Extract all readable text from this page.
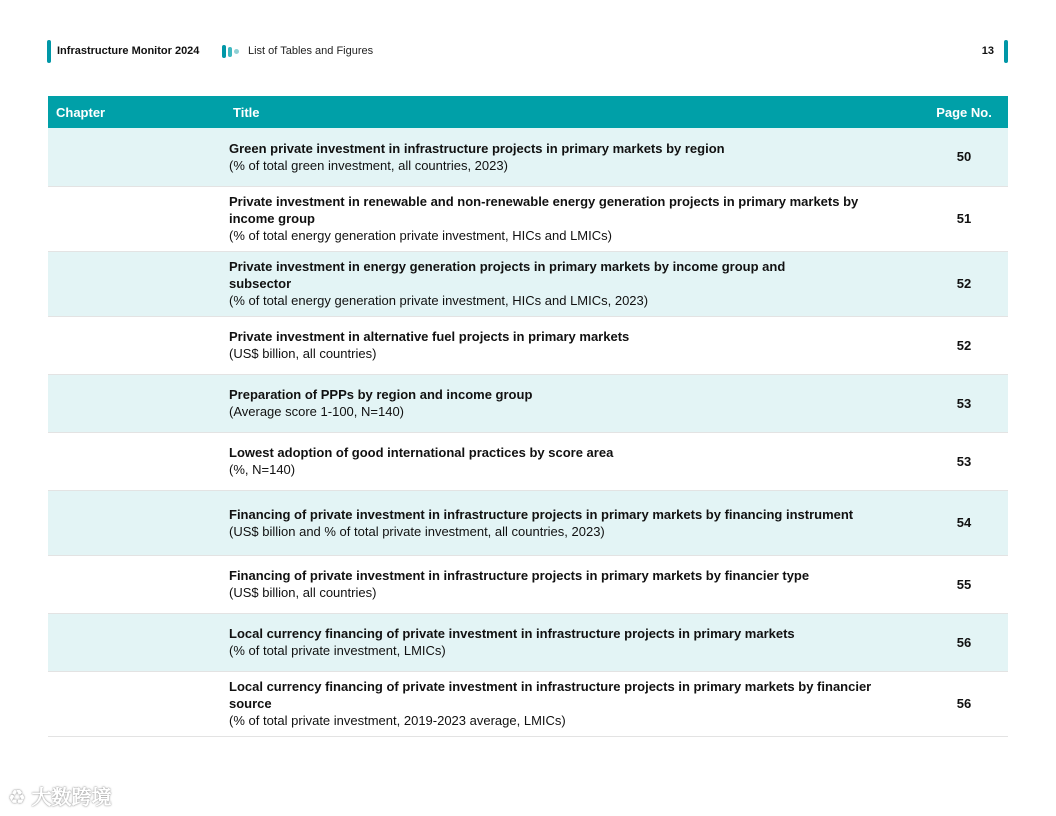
Infrastructure Monitor 2024	List of Tables and Figures	13
Chapter	Title	Page No.

	Green private investment in infrastructure projects in primary markets by region
(% of total green investment, all countries, 2023)	50

	Private investment in renewable and non-renewable energy generation projects in primary markets by income group
(% of total energy generation private investment, HICs and LMICs)	51

	Private investment in energy generation projects in primary markets by income group and subsector
(% of total energy generation private investment, HICs and LMICs, 2023)	52

	Private investment in alternative fuel projects in primary markets
(US$ billion, all countries)	52

	Preparation of PPPs by region and income group
(Average score 1-100, N=140)	53

	Lowest adoption of good international practices by score area
(%, N=140)	53

	Financing of private investment in infrastructure projects in primary markets by financing instrument
(US$ billion and % of total private investment, all countries, 2023)	54

	Financing of private investment in infrastructure projects in primary markets by financier type
(US$ billion, all countries)	55

	Local currency financing of private investment in infrastructure projects in primary markets
(% of total private investment, LMICs)	56

	Local currency financing of private investment in infrastructure projects in primary markets by financier source
(% of total private investment, 2019-2023 average, LMICs)	56
♻ 大数跨境
